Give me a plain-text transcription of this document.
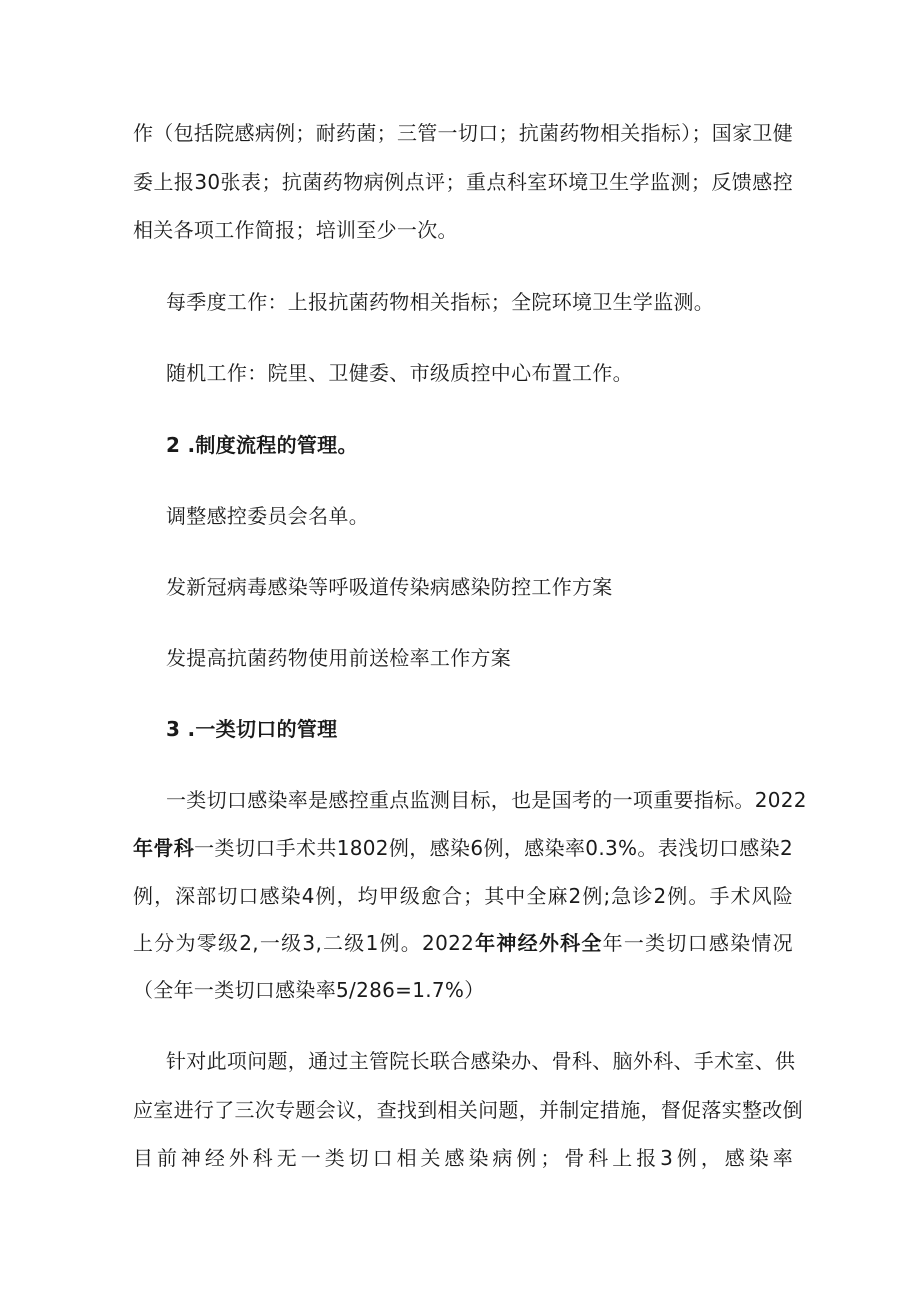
作（包括院感病例；耐药菌；三管一切口；抗菌药物相关指标）；国家卫健
委上报30张表；抗菌药物病例点评；重点科室环境卫生学监测；反馈感控
相关各项工作简报；培训至少一次。
每季度工作：上报抗菌药物相关指标；全院环境卫生学监测。
随机工作：院里、卫健委、市级质控中心布置工作。
2 .制度流程的管理。
调整感控委员会名单。
发新冠病毒感染等呼吸道传染病感染防控工作方案
发提高抗菌药物使用前送检率工作方案
3 .一类切口的管理
一类切口感染率是感控重点监测目标，也是国考的一项重要指标。2022
年骨科一类切口手术共1802例，感染6例，感染率0.3%。表浅切口感染2
例，深部切口感染4例，均甲级愈合；其中全麻2例;急诊2例。手术风险
上分为零级2,一级3,二级1例。2022年神经外科全年一类切口感染情况
（全年一类切口感染率5/286=1.7%）
针对此项问题，通过主管院长联合感染办、骨科、脑外科、手术室、供
应室进行了三次专题会议，查找到相关问题，并制定措施，督促落实整改倒
目前神经外科无一类切口相关感染病例；骨科上报3例，感染率
